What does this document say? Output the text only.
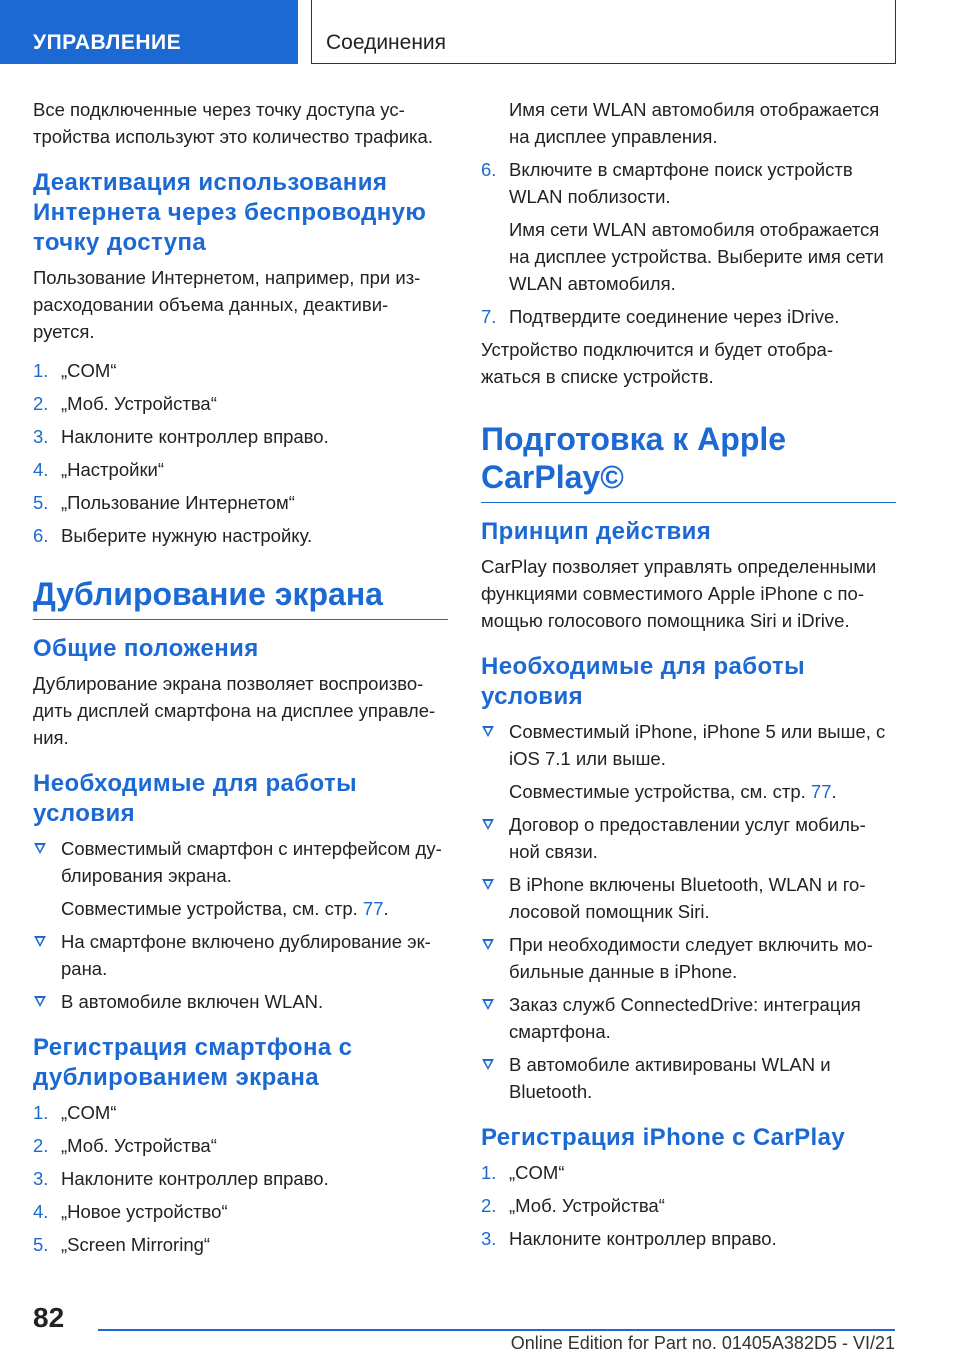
УПРАВЛЕНИЕ	Соединения

Все подключенные через точку доступа ус-
тройства используют это количество трафика.

Деактивация использования Интернета через беспроводную точку доступа

Пользование Интернетом, например, при из-
расходовании объема данных, деактиви-
руется.

1. „COM“
2. „Моб. Устройства“
3. Наклоните контроллер вправо.
4. „Настройки“
5. „Пользование Интернетом“
6. Выберите нужную настройку.
Дублирование экрана
Общие положения

Дублирование экрана позволяет воспроизво-
дить дисплей смартфона на дисплее управле-
ния.

Необходимые для работы условия
Совместимый смартфон с интерфейсом ду-
блирования экрана.
Совместимые устройства, см. стр. 77.
На смартфоне включено дублирование эк-
рана.
В автомобиле включен WLAN.
Регистрация смартфона с дублированием экрана
1. „COM“
2. „Моб. Устройства“
3. Наклоните контроллер вправо.
4. „Новое устройство“
5. „Screen Mirroring“

Имя сети WLAN автомобиля отображается на дисплее управления.

6. Включите в смартфоне поиск устройств WLAN поблизости.
Имя сети WLAN автомобиля отображается на дисплее устройства. Выберите имя сети WLAN автомобиля.
7. Подтвердите соединение через iDrive.

Устройство подключится и будет отобра-
жаться в списке устройств.

Подготовка к Apple CarPlay©
Принцип действия

CarPlay позволяет управлять определенными функциями совместимого Apple iPhone с по-
мощью голосового помощника Siri и iDrive.

Необходимые для работы условия
Совместимый iPhone, iPhone 5 или выше, с iOS 7.1 или выше.
Совместимые устройства, см. стр. 77.
Договор о предоставлении услуг мобиль-
ной связи.
В iPhone включены Bluetooth, WLAN и го-
лосовой помощник Siri.
При необходимости следует включить мо-
бильные данные в iPhone.
Заказ служб ConnectedDrive: интеграция смартфона.
В автомобиле активированы WLAN и Bluetooth.
Регистрация iPhone с CarPlay
1. „COM“
2. „Моб. Устройства“
3. Наклоните контроллер вправо.
82
Online Edition for Part no. 01405A382D5 - VI/21
